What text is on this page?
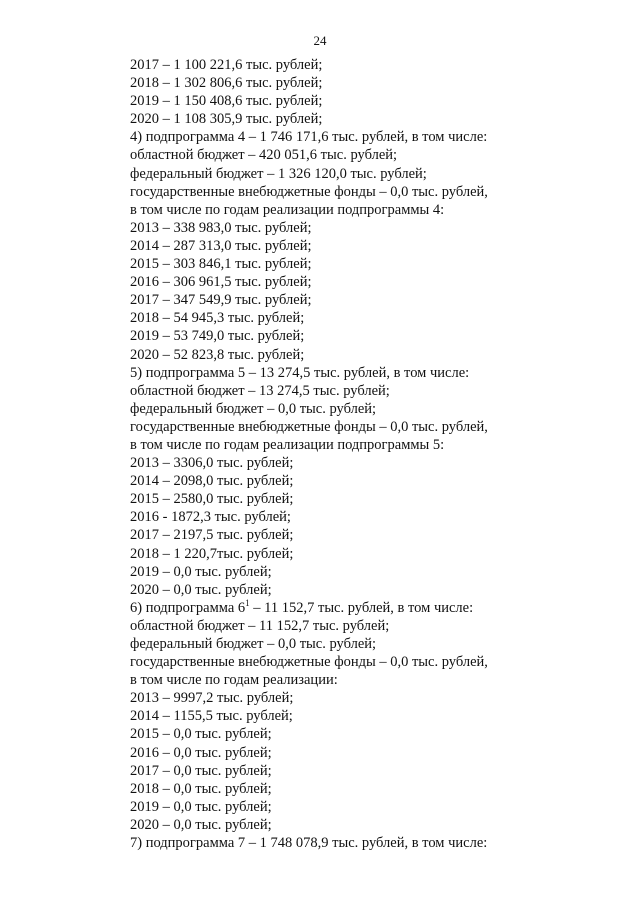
24
2017 – 1 100 221,6 тыс. рублей;
2018 – 1 302 806,6 тыс. рублей;
2019 – 1 150 408,6 тыс. рублей;
2020 – 1 108 305,9 тыс. рублей;
4) подпрограмма 4 – 1 746 171,6 тыс. рублей, в том числе:
областной бюджет – 420 051,6 тыс. рублей;
федеральный бюджет – 1 326 120,0 тыс. рублей;
государственные внебюджетные фонды – 0,0 тыс. рублей,
в том числе по годам реализации подпрограммы 4:
2013 – 338 983,0 тыс. рублей;
2014 – 287 313,0 тыс. рублей;
2015 – 303 846,1 тыс. рублей;
2016 – 306 961,5 тыс. рублей;
2017 – 347 549,9 тыс. рублей;
2018 – 54 945,3 тыс. рублей;
2019 – 53 749,0 тыс. рублей;
2020 – 52 823,8 тыс. рублей;
5) подпрограмма 5 – 13 274,5 тыс. рублей, в том числе:
областной бюджет – 13 274,5 тыс. рублей;
федеральный бюджет – 0,0 тыс. рублей;
государственные внебюджетные фонды – 0,0 тыс. рублей,
в том числе по годам реализации подпрограммы 5:
2013 – 3306,0 тыс. рублей;
2014 – 2098,0 тыс. рублей;
2015 – 2580,0 тыс. рублей;
2016 - 1872,3 тыс. рублей;
2017 – 2197,5 тыс. рублей;
2018 – 1 220,7тыс. рублей;
2019 – 0,0 тыс. рублей;
2020 – 0,0 тыс. рублей;
6) подпрограмма $6^1 - 11$ 152,7 тыс. рублей, в том числе:
областной бюджет – 11 152,7 тыс. рублей;
федеральный бюджет – 0,0 тыс. рублей;
государственные внебюджетные фонды – 0,0 тыс. рублей,
в том числе по годам реализации:
2013 – 9997,2 тыс. рублей;
2014 – 1155,5 тыс. рублей;
2015 – 0,0 тыс. рублей;
2016 – 0,0 тыс. рублей;
2017 – 0,0 тыс. рублей;
2018 – 0,0 тыс. рублей;
2019 – 0,0 тыс. рублей;
2020 – 0,0 тыс. рублей;
7) подпрограмма 7 – 1 748 078,9 тыс. рублей, в том числе:
